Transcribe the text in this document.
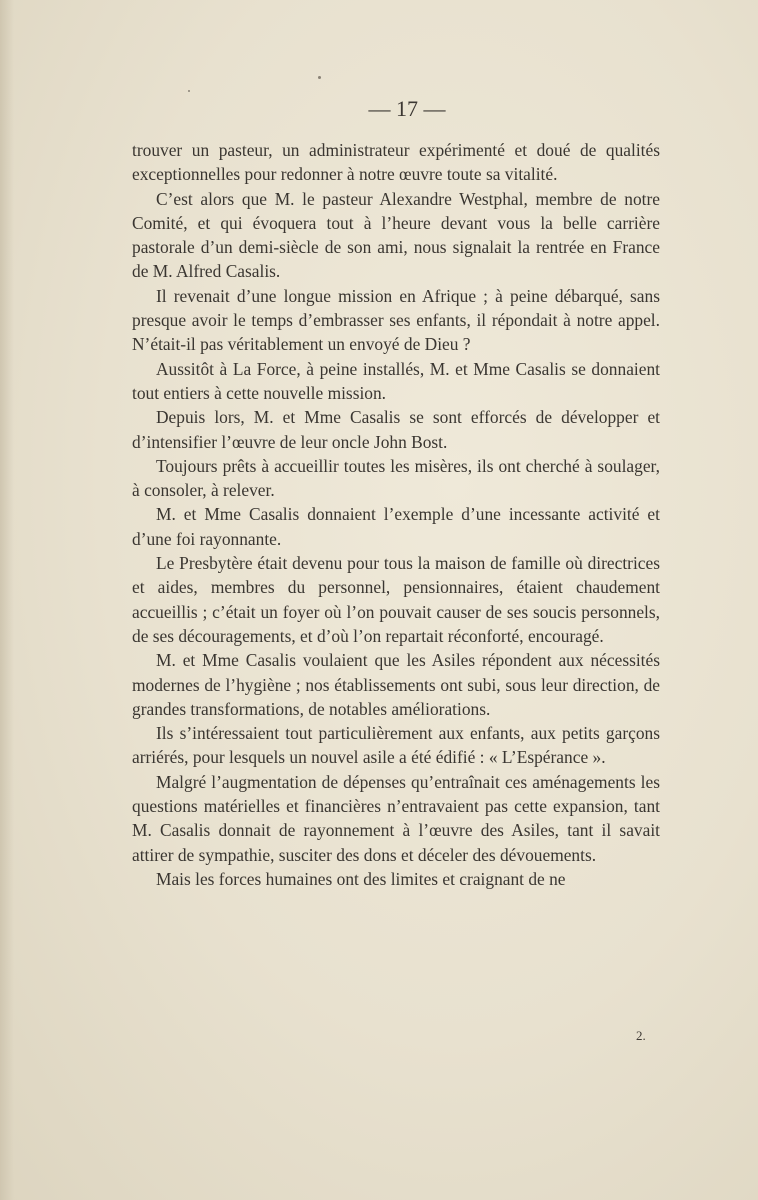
— 17 —

trouver un pasteur, un administrateur expérimenté et doué de qualités exceptionnelles pour redonner à notre œuvre toute sa vitalité.

C’est alors que M. le pasteur Alexandre Westphal, membre de notre Comité, et qui évoquera tout à l’heure devant vous la belle carrière pastorale d’un demi-siècle de son ami, nous signalait la rentrée en France de M. Alfred Casalis.

Il revenait d’une longue mission en Afrique ; à peine débarqué, sans presque avoir le temps d’embrasser ses enfants, il répondait à notre appel. N’était-il pas véritablement un envoyé de Dieu ?

Aussitôt à La Force, à peine installés, M. et Mme Casalis se donnaient tout entiers à cette nouvelle mission.

Depuis lors, M. et Mme Casalis se sont efforcés de développer et d’intensifier l’œuvre de leur oncle John Bost.

Toujours prêts à accueillir toutes les misères, ils ont cherché à soulager, à consoler, à relever.

M. et Mme Casalis donnaient l’exemple d’une incessante activité et d’une foi rayonnante.

Le Presbytère était devenu pour tous la maison de famille où directrices et aides, membres du personnel, pensionnaires, étaient chaudement accueillis ; c’était un foyer où l’on pouvait causer de ses soucis personnels, de ses découragements, et d’où l’on repartait réconforté, encouragé.

M. et Mme Casalis voulaient que les Asiles répondent aux nécessités modernes de l’hygiène ; nos établissements ont subi, sous leur direction, de grandes transformations, de notables améliorations.

Ils s’intéressaient tout particulièrement aux enfants, aux petits garçons arriérés, pour lesquels un nouvel asile a été édifié : « L’Espérance ».

Malgré l’augmentation de dépenses qu’entraînait ces aménagements les questions matérielles et financières n’entravaient pas cette expansion, tant M. Casalis donnait de rayonnement à l’œuvre des Asiles, tant il savait attirer de sympathie, susciter des dons et déceler des dévouements.

Mais les forces humaines ont des limites et craignant de ne

2.
